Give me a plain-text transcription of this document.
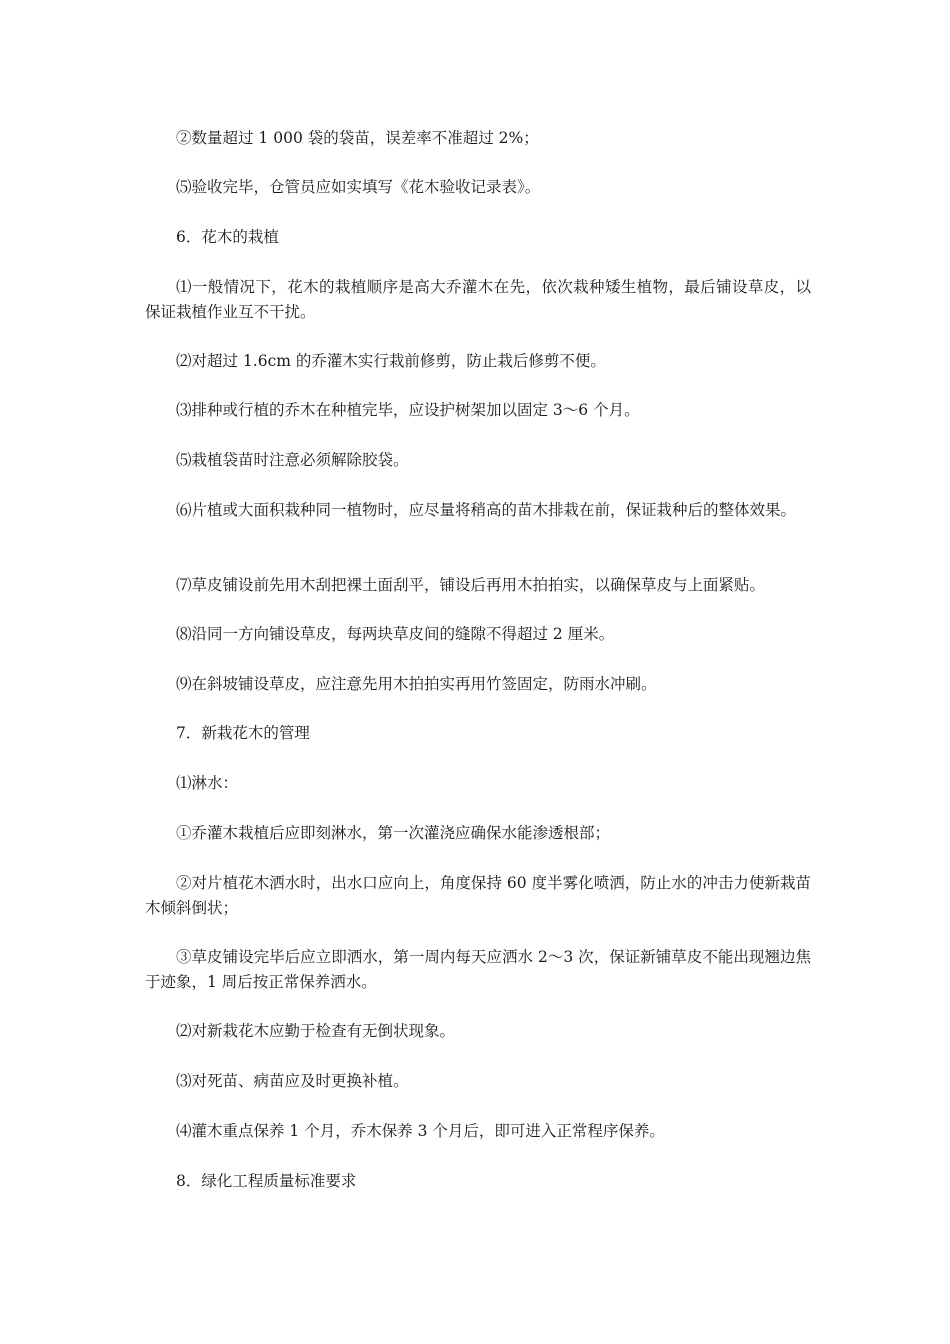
②数量超过 1 000 袋的袋苗，误差率不准超过 2%；

⑸验收完毕，仓管员应如实填写《花木验收记录表》。

6．花木的栽植

⑴一般情况下，花木的栽植顺序是高大乔灌木在先，依次栽种矮生植物，最后铺设草皮，以保证栽植作业互不干扰。

⑵对超过 1.6cm 的乔灌木实行栽前修剪，防止栽后修剪不便。

⑶排种或行植的乔木在种植完毕，应设护树架加以固定 3～6 个月。

⑸栽植袋苗时注意必须解除胶袋。

⑹片植或大面积栽种同一植物时，应尽量将稍高的苗木排栽在前，保证栽种后的整体效果。

⑺草皮铺设前先用木刮把裸土面刮平，铺设后再用木拍拍实，以确保草皮与上面紧贴。

⑻沿同一方向铺设草皮，每两块草皮间的缝隙不得超过 2 厘米。

⑼在斜坡铺设草皮，应注意先用木拍拍实再用竹签固定，防雨水冲刷。

7．新栽花木的管理

⑴淋水：

①乔灌木栽植后应即刻淋水，第一次灌浇应确保水能渗透根部；

②对片植花木洒水时，出水口应向上，角度保持 60 度半雾化喷洒，防止水的冲击力使新栽苗木倾斜倒状；

③草皮铺设完毕后应立即洒水，第一周内每天应洒水 2～3 次，保证新铺草皮不能出现翘边焦于迹象，1 周后按正常保养洒水。

⑵对新栽花木应勤于检查有无倒状现象。

⑶对死苗、病苗应及时更换补植。

⑷灌木重点保养 1 个月，乔木保养 3 个月后，即可进入正常程序保养。

8．绿化工程质量标准要求
